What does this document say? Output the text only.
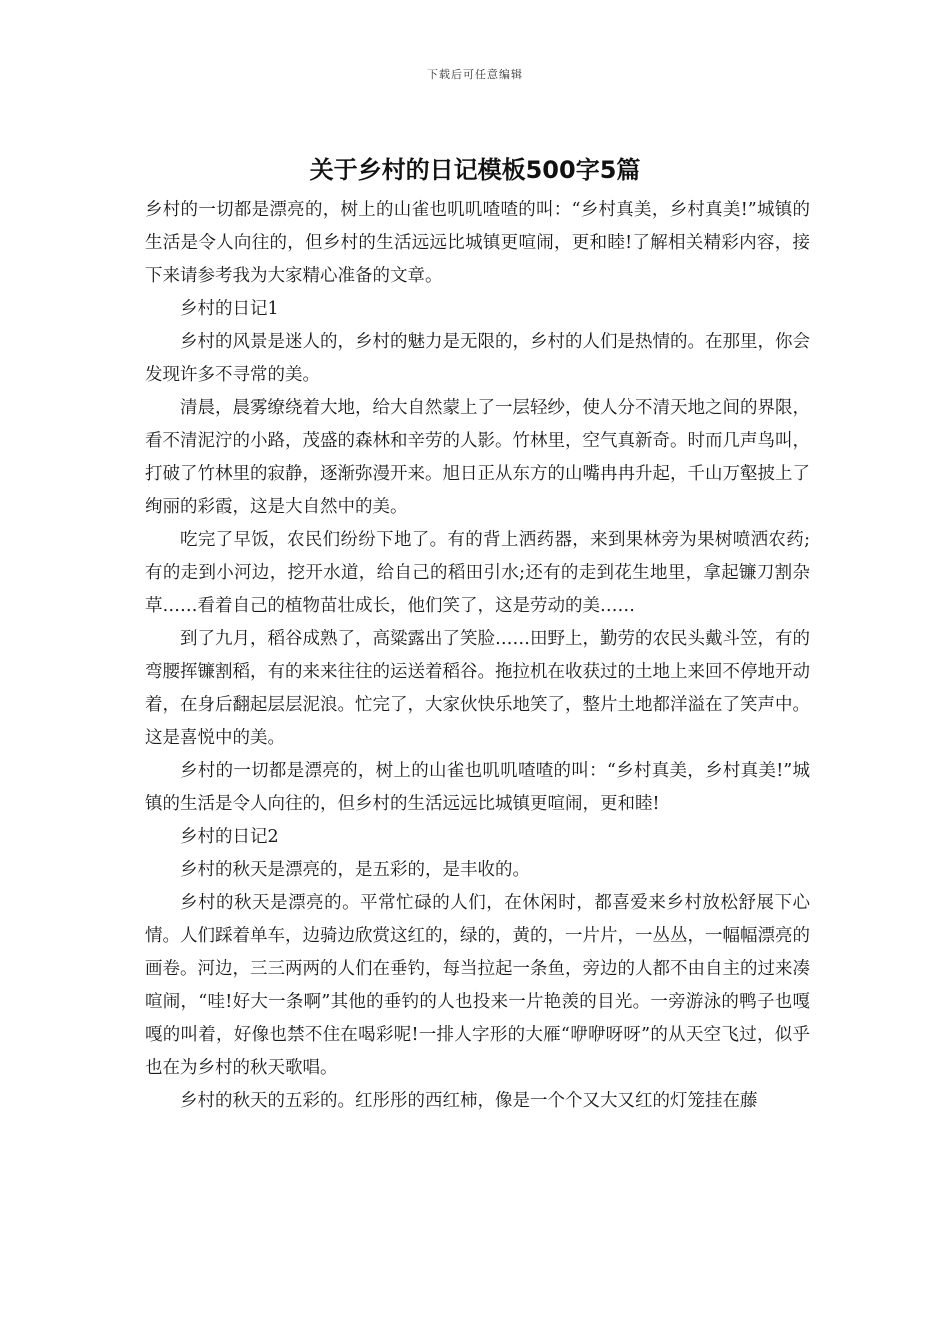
下载后可任意编辑
关于乡村的日记模板500字5篇

乡村的一切都是漂亮的，树上的山雀也叽叽喳喳的叫：“乡村真美，乡村真美!”城镇的生活是令人向往的，但乡村的生活远远比城镇更喧闹，更和睦!了解相关精彩内容，接下来请参考我为大家精心准备的文章。

乡村的日记1

乡村的风景是迷人的，乡村的魅力是无限的，乡村的人们是热情的。在那里，你会发现许多不寻常的美。

清晨，晨雾缭绕着大地，给大自然蒙上了一层轻纱，使人分不清天地之间的界限，看不清泥泞的小路，茂盛的森林和辛劳的人影。竹林里，空气真新奇。时而几声鸟叫，打破了竹林里的寂静，逐渐弥漫开来。旭日正从东方的山嘴冉冉升起，千山万壑披上了绚丽的彩霞，这是大自然中的美。

吃完了早饭，农民们纷纷下地了。有的背上洒药器，来到果林旁为果树喷洒农药;有的走到小河边，挖开水道，给自己的稻田引水;还有的走到花生地里，拿起镰刀割杂草……看着自己的植物苗壮成长，他们笑了，这是劳动的美……

到了九月，稻谷成熟了，高粱露出了笑脸……田野上，勤劳的农民头戴斗笠，有的弯腰挥镰割稻，有的来来往往的运送着稻谷。拖拉机在收获过的土地上来回不停地开动着，在身后翻起层层泥浪。忙完了，大家伙快乐地笑了，整片土地都洋溢在了笑声中。这是喜悦中的美。

乡村的一切都是漂亮的，树上的山雀也叽叽喳喳的叫：“乡村真美，乡村真美!”城镇的生活是令人向往的，但乡村的生活远远比城镇更喧闹，更和睦!

乡村的日记2

乡村的秋天是漂亮的，是五彩的，是丰收的。

乡村的秋天是漂亮的。平常忙碌的人们，在休闲时，都喜爱来乡村放松舒展下心情。人们踩着单车，边骑边欣赏这红的，绿的，黄的，一片片，一丛丛，一幅幅漂亮的画卷。河边，三三两两的人们在垂钓，每当拉起一条鱼，旁边的人都不由自主的过来凑喧闹，“哇!好大一条啊”其他的垂钓的人也投来一片艳羡的目光。一旁游泳的鸭子也嘎嘎的叫着，好像也禁不住在喝彩呢!一排人字形的大雁“咿咿呀呀”的从天空飞过，似乎也在为乡村的秋天歌唱。

乡村的秋天的五彩的。红彤彤的西红柿，像是一个个又大又红的灯笼挂在藤
